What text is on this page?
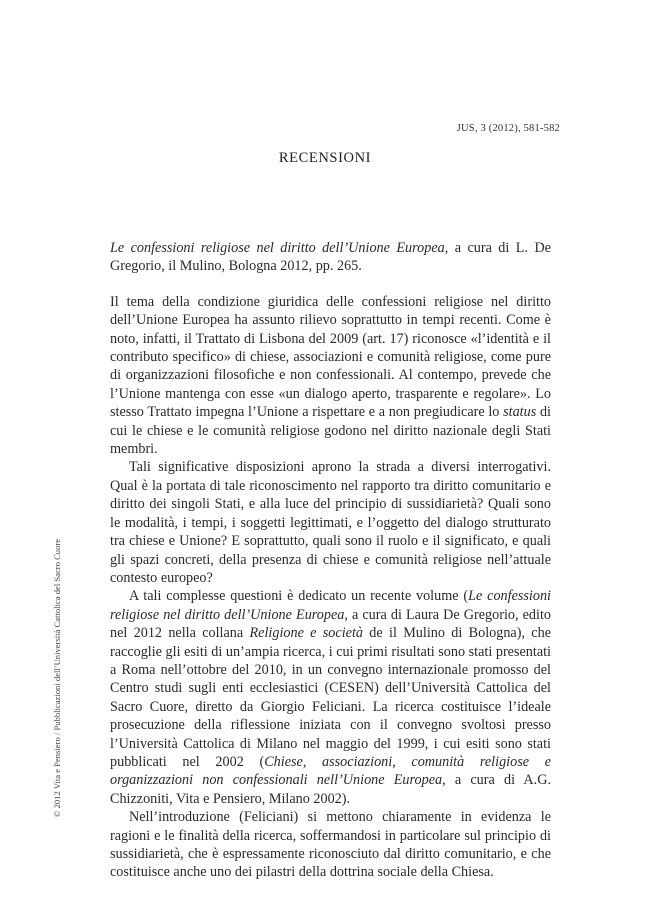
JUS, 3 (2012), 581-582
RECENSIONI
© 2012 Vita e Pensiero / Pubblicazioni dell’Università Cattolica del Sacro Cuore

Le confessioni religiose nel diritto dell’Unione Europea, a cura di L. De Gregorio, il Mulino, Bologna 2012, pp. 265.

Il tema della condizione giuridica delle confessioni religiose nel diritto dell’Unione Europea ha assunto rilievo soprattutto in tempi recenti. Come è noto, infatti, il Trattato di Lisbona del 2009 (art. 17) riconosce «l’identità e il contributo specifico» di chiese, associazioni e comunità religiose, come pure di organizzazioni filosofiche e non confessionali. Al contempo, prevede che l’Unione mantenga con esse «un dialogo aperto, trasparente e regolare». Lo stesso Trattato impegna l’Unione a rispettare e a non pregiudicare lo status di cui le chiese e le comunità religiose godono nel diritto nazionale degli Stati membri.

Tali significative disposizioni aprono la strada a diversi interrogativi. Qual è la portata di tale riconoscimento nel rapporto tra diritto comunitario e diritto dei singoli Stati, e alla luce del principio di sussidiarietà? Quali sono le modalità, i tempi, i soggetti legittimati, e l’oggetto del dialogo strutturato tra chiese e Unione? E soprattutto, quali sono il ruolo e il significato, e quali gli spazi concreti, della presenza di chiese e comunità religiose nell’attuale contesto europeo?

A tali complesse questioni è dedicato un recente volume (Le confessioni religiose nel diritto dell’Unione Europea, a cura di Laura De Gregorio, edito nel 2012 nella collana Religione e società de il Mulino di Bologna), che raccoglie gli esiti di un’ampia ricerca, i cui primi risultati sono stati presentati a Roma nell’ottobre del 2010, in un convegno internazionale promosso del Centro studi sugli enti ecclesiastici (CESEN) dell’Università Cattolica del Sacro Cuore, diretto da Giorgio Feliciani. La ricerca costituisce l’ideale prosecuzione della riflessione iniziata con il convegno svoltosi presso l’Università Cattolica di Milano nel maggio del 1999, i cui esiti sono stati pubblicati nel 2002 (Chiese, associazioni, comunità religiose e organizzazioni non confessionali nell’Unione Europea, a cura di A.G. Chizzoniti, Vita e Pensiero, Milano 2002).

Nell’introduzione (Feliciani) si mettono chiaramente in evidenza le ragioni e le finalità della ricerca, soffermandosi in particolare sul principio di sussidiarietà, che è espressamente riconosciuto dal diritto comunitario, e che costituisce anche uno dei pilastri della dottrina sociale della Chiesa.
